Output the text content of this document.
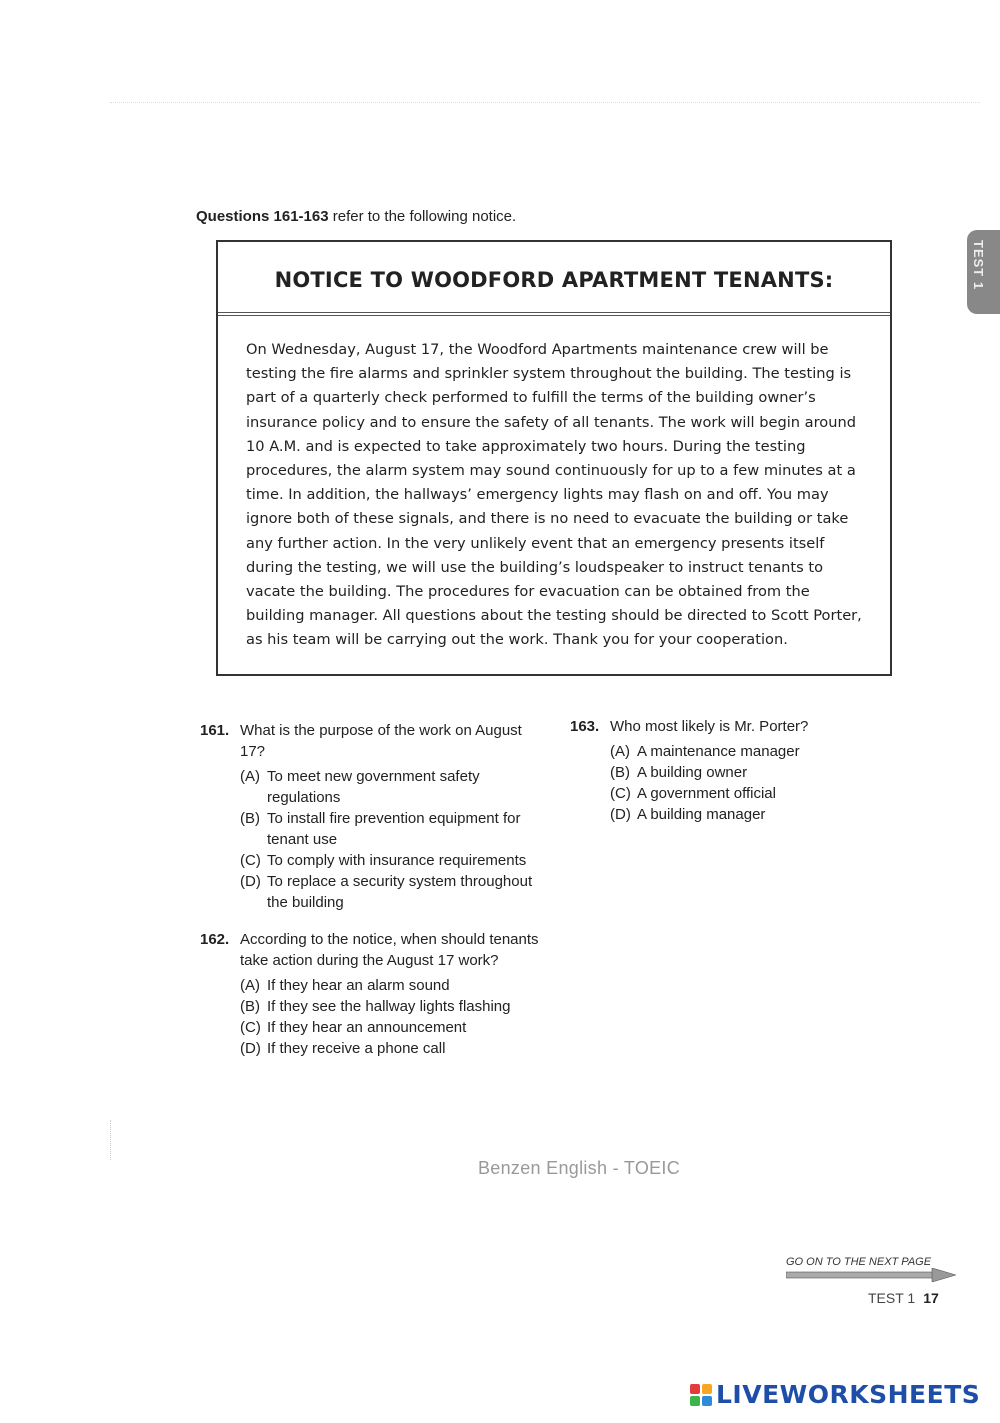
TEST 1
Questions 161-163 refer to the following notice.
NOTICE TO WOODFORD APARTMENT TENANTS:
On Wednesday, August 17, the Woodford Apartments maintenance crew will be testing the fire alarms and sprinkler system throughout the building. The testing is part of a quarterly check performed to fulfill the terms of the building owner’s insurance policy and to ensure the safety of all tenants. The work will begin around 10 A.M. and is expected to take approximately two hours. During the testing procedures, the alarm system may sound continuously for up to a few minutes at a time. In addition, the hallways’ emergency lights may flash on and off. You may ignore both of these signals, and there is no need to evacuate the building or take any further action. In the very unlikely event that an emergency presents itself during the testing, we will use the building’s loudspeaker to instruct tenants to vacate the building. The procedures for evacuation can be obtained from the building manager. All questions about the testing should be directed to Scott Porter, as his team will be carrying out the work. Thank you for your cooperation.
161. What is the purpose of the work on August 17?
(A) To meet new government safety regulations
(B) To install fire prevention equipment for tenant use
(C) To comply with insurance requirements
(D) To replace a security system throughout the building
162. According to the notice, when should tenants take action during the August 17 work?
(A) If they hear an alarm sound
(B) If they see the hallway lights flashing
(C) If they hear an announcement
(D) If they receive a phone call
163. Who most likely is Mr. Porter?
(A) A maintenance manager
(B) A building owner
(C) A government official
(D) A building manager
Benzen English - TOEIC
GO ON TO THE NEXT PAGE
TEST 1 17
LIVEWORKSHEETS
